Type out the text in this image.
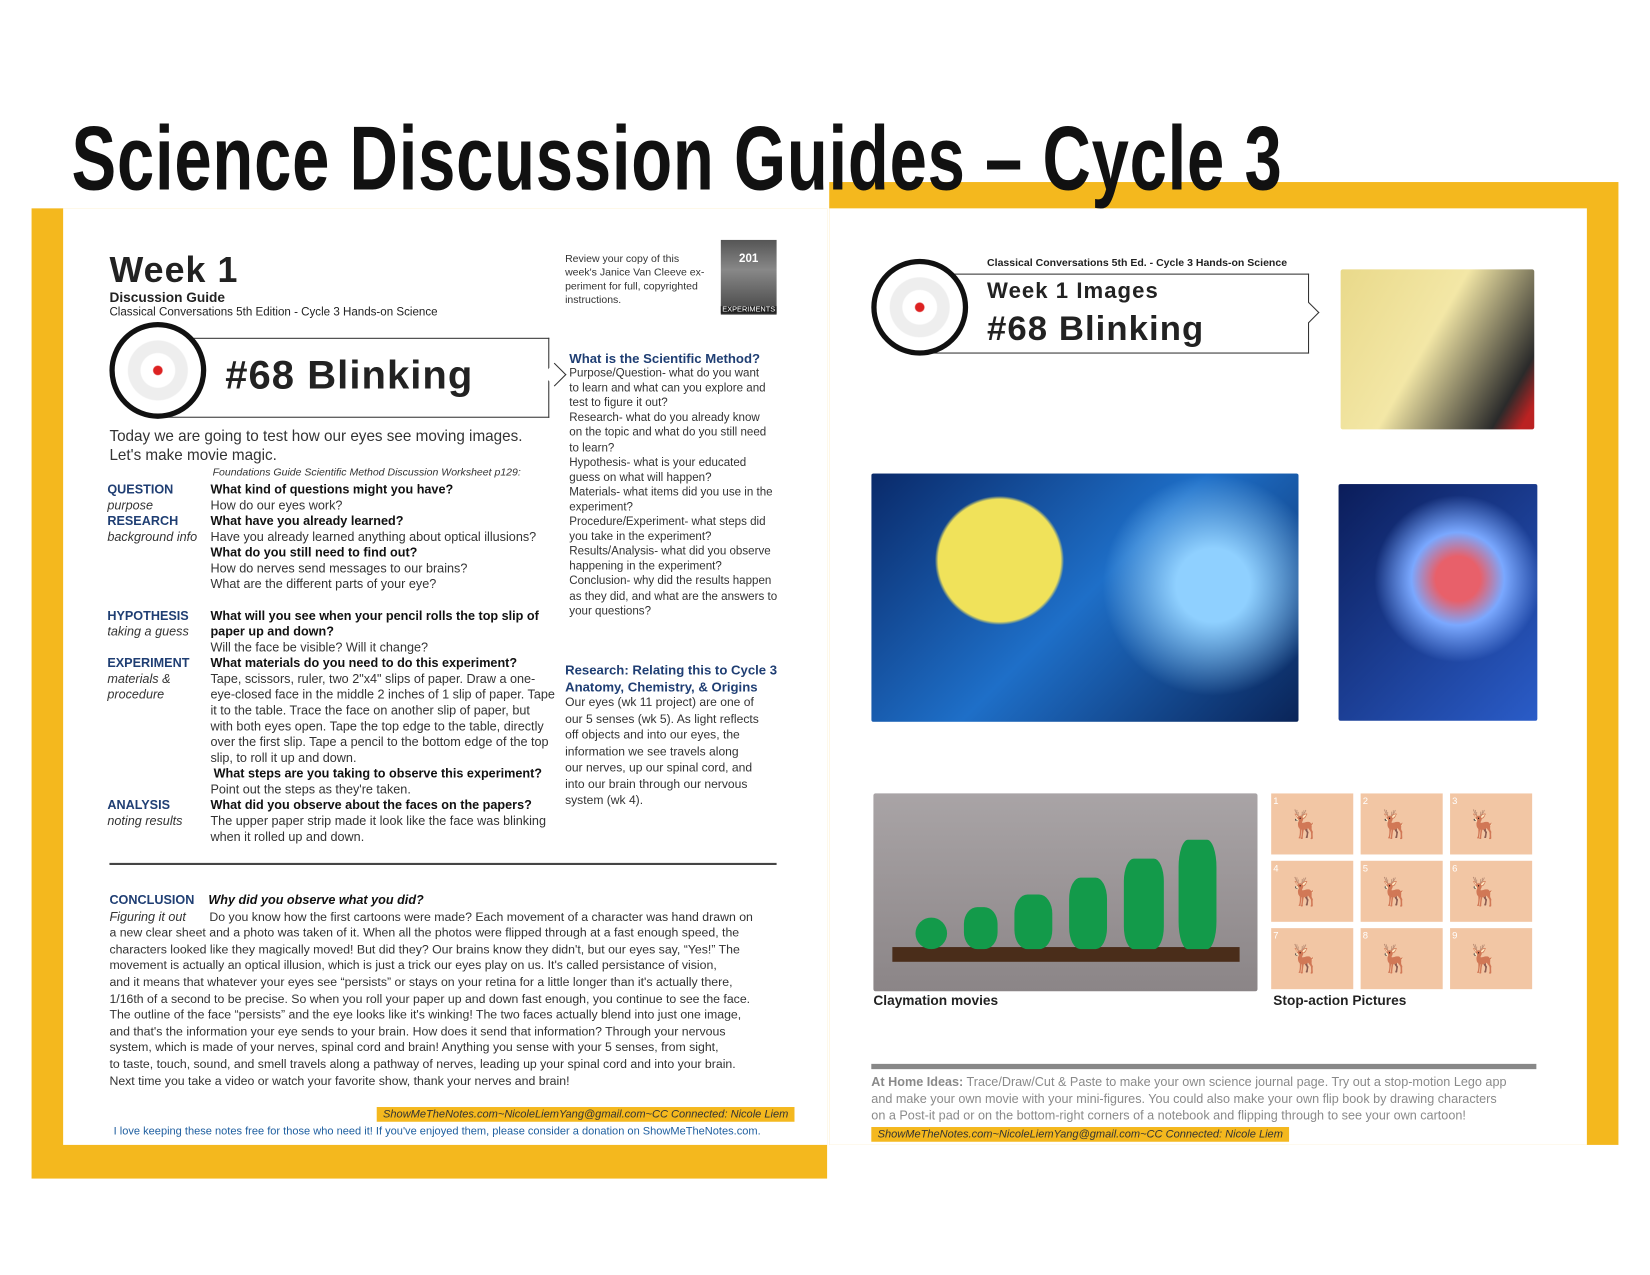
Science Discussion Guides – Cycle 3
Week 1
Discussion Guide
Classical Conversations 5th Edition - Cycle 3 Hands-on Science
Review your copy of this
week's Janice Van Cleeve ex-
periment for full, copyrighted
instructions.
201
EXPERIMENTS
#68 Blinking
Today we are going to test how our eyes see moving images.
Let's make movie magic.
Foundations Guide Scientific Method Discussion Worksheet p129:
QUESTION
purpose
RESEARCH
background info
What kind of questions might you have?
How do our eyes work?
What have you already learned?
Have you already learned anything about optical illusions?
What do you still need to find out?
How do nerves send messages to our brains?
What are the different parts of your eye?
HYPOTHESIS
taking a guess
What will you see when your pencil rolls the top slip of
paper up and down?
Will the face be visible? Will it change?
EXPERIMENT
materials &
procedure
What materials do you need to do this experiment?
Tape, scissors, ruler, two 2"x4" slips of paper. Draw a one-
eye-closed face in the middle 2 inches of 1 slip of paper. Tape
it to the table. Trace the face on another slip of paper, but
with both eyes open. Tape the top edge to the table, directly
over the first slip. Tape a pencil to the bottom edge of the top
slip, to roll it up and down.
What steps are you taking to observe this experiment?
Point out the steps as they're taken.
ANALYSIS
noting results
What did you observe about the faces on the papers?
The upper paper strip made it look like the face was blinking
when it rolled up and down.
What is the Scientific Method?
Purpose/Question- what do you want
to learn and what can you explore and
test to figure it out?
Research- what do you already know
on the topic and what do you still need
to learn?
Hypothesis- what is your educated
guess on what will happen?
Materials- what items did you use in the
experiment?
Procedure/Experiment- what steps did
you take in the experiment?
Results/Analysis- what did you observe
happening in the experiment?
Conclusion- why did the results happen
as they did, and what are the answers to
your questions?
Research: Relating this to Cycle 3
Anatomy, Chemistry, & Origins
Our eyes (wk 11 project) are one of
our 5 senses (wk 5). As light reflects
off objects and into our eyes, the
information we see travels along
our nerves, up our spinal cord, and
into our brain through our nervous
system (wk 4).
CONCLUSION Why did you observe what you did?
Figuring it out Do you know how the first cartoons were made? Each movement of a character was hand drawn on
a new clear sheet and a photo was taken of it. When all the photos were flipped through at a fast enough speed, the
characters looked like they magically moved! But did they? Our brains know they didn't, but our eyes say, “Yes!” The
movement is actually an optical illusion, which is just a trick our eyes play on us. It's called persistance of vision,
and it means that whatever your eyes see “persists” or stays on your retina for a little longer than it's actually there,
1/16th of a second to be precise. So when you roll your paper up and down fast enough, you continue to see the face.
The outline of the face “persists” and the eye looks like it's winking! The two faces actually blend into just one image,
and that's the information your eye sends to your brain. How does it send that information? Through your nervous
system, which is made of your nerves, spinal cord and brain! Anything you sense with your 5 senses, from sight,
to taste, touch, sound, and smell travels along a pathway of nerves, leading up your spinal cord and into your brain.
Next time you take a video or watch your favorite show, thank your nerves and brain!
ShowMeTheNotes.com~NicoleLiemYang@gmail.com~CC Connected: Nicole Liem
I love keeping these notes free for those who need it! If you've enjoyed them, please consider a donation on ShowMeTheNotes.com.
Classical Conversations 5th Ed. - Cycle 3 Hands-on Science
Week 1 Images
#68 Blinking
1
🦌
2
🦌
3
🦌
4
🦌
5
🦌
6
🦌
7
🦌
8
🦌
9
🦌
Claymation movies	Stop-action Pictures
At Home Ideas: Trace/Draw/Cut & Paste to make your own science journal page. Try out a stop-motion Lego app
and make your own movie with your mini-figures. You could also make your own flip book by drawing characters
on a Post-it pad or on the bottom-right corners of a notebook and flipping through to see your own cartoon!
ShowMeTheNotes.com~NicoleLiemYang@gmail.com~CC Connected: Nicole Liem
